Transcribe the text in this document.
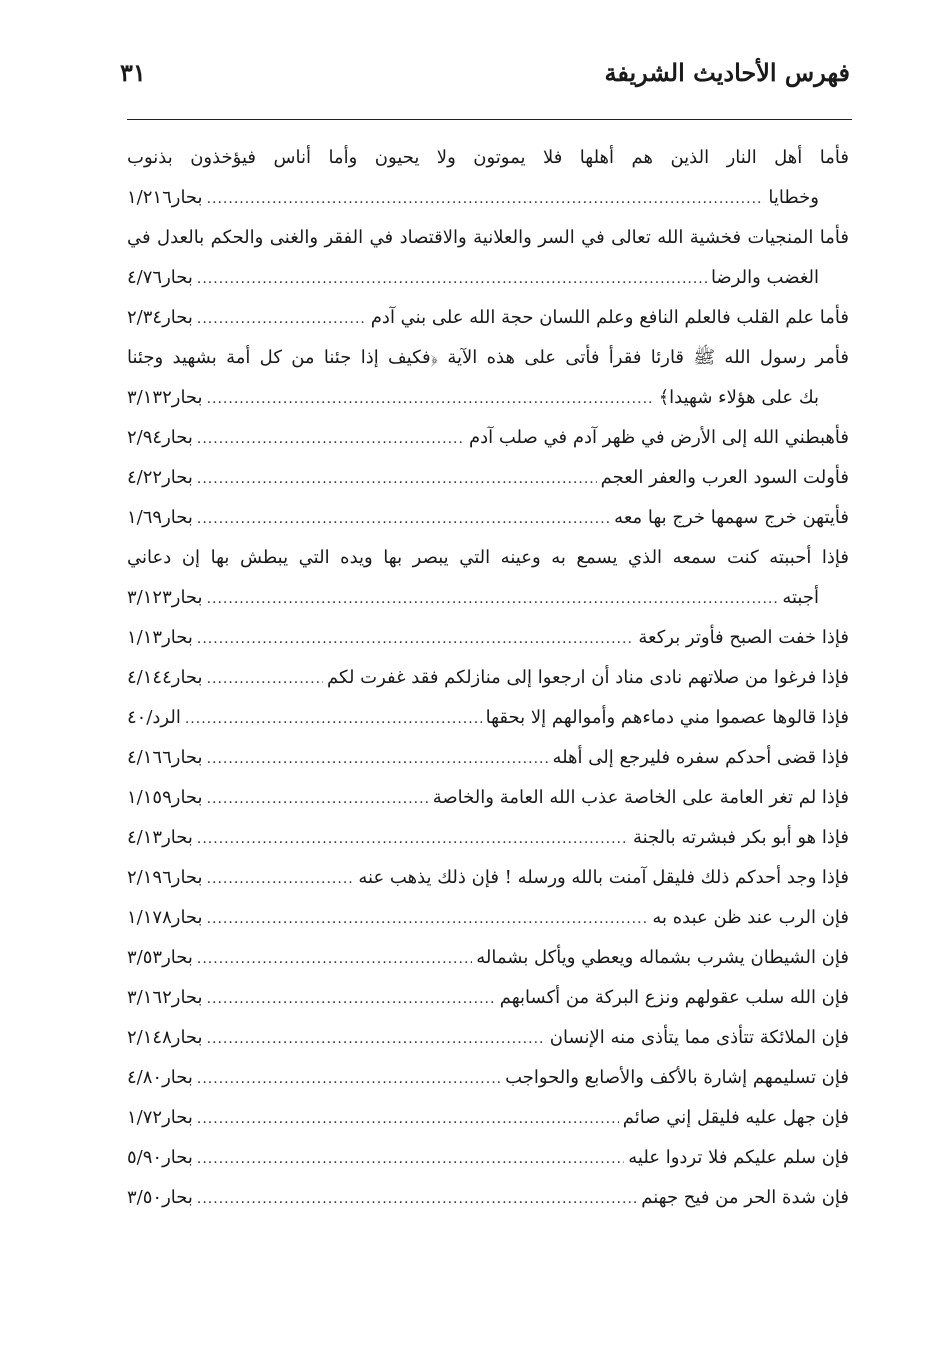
فهرس الأحاديث الشريفة
٣١
فأما أهل النار الذين هم أهلها فلا يموتون ولا يحيون وأما أناس فيؤخذون بذنوب
وخطايا
.....
بحار١/٢١٦
فأما المنجيات فخشية الله تعالى في السر والعلانية والاقتصاد في الفقر والغنى والحكم بالعدل في
الغضب والرضا
.....
بحار٤/٧٦
فأما علم القلب فالعلم النافع وعلم اللسان حجة الله على بني آدم
.....
بحار٢/٣٤
فأمر رسول الله ﷺ قارئا فقرأ فأتى على هذه الآية ﴿فكيف إذا جئنا من كل أمة بشهيد وجئنا
بك على هؤلاء شهيدا﴾
.....
بحار٣/١٣٢
فأهبطني الله إلى الأرض في ظهر آدم في صلب آدم
.....
بحار٢/٩٤
فأولت السود العرب والعفر العجم
.....
بحار٤/٢٢
فأيتهن خرج سهمها خرج بها معه
.....
بحار١/٦٩
فإذا أحببته كنت سمعه الذي يسمع به وعينه التي يبصر بها ويده التي يبطش بها إن دعاني
أجبته
.....
بحار٣/١٢٣
فإذا خفت الصبح فأوتر بركعة
.....
بحار١/١٣
فإذا فرغوا من صلاتهم نادى مناد أن ارجعوا إلى منازلكم فقد غفرت لكم
.....
بحار٤/١٤٤
فإذا قالوها عصموا مني دماءهم وأموالهم إلا بحقها
.....
الرد/٤٠
فإذا قضى أحدكم سفره فليرجع إلى أهله
.....
بحار٤/١٦٦
فإذا لم تغر العامة على الخاصة عذب الله العامة والخاصة
.....
بحار١/١٥٩
فإذا هو أبو بكر فبشرته بالجنة
.....
بحار٤/١٣
فإذا وجد أحدكم ذلك فليقل آمنت بالله ورسله ! فإن ذلك يذهب عنه
.....
بحار٢/١٩٦
فإن الرب عند ظن عبده به
.....
بحار١/١٧٨
فإن الشيطان يشرب بشماله ويعطي ويأكل بشماله
.....
بحار٣/٥٣
فإن الله سلب عقولهم ونزع البركة من أكسابهم
.....
بحار٣/١٦٢
فإن الملائكة تتأذى مما يتأذى منه الإنسان
.....
بحار٢/١٤٨
فإن تسليمهم إشارة بالأكف والأصابع والحواجب
.....
بحار٤/٨٠
فإن جهل عليه فليقل إني صائم
.....
بحار١/٧٢
فإن سلم عليكم فلا تردوا عليه
.....
بحار٥/٩٠
فإن شدة الحر من فيح جهنم
.....
بحار٣/٥٠
